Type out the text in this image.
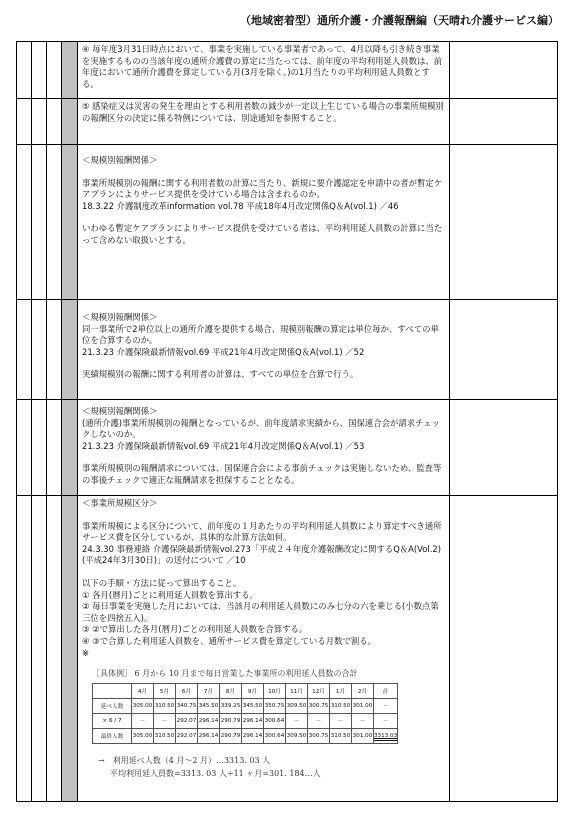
（地域密着型）通所介護・介護報酬編（天晴れ介護サービス編）

④ 毎年度3月31日時点において、事業を実施している事業者であって、4月以降も引き続き事業を実施するものの当該年度の通所介護費の算定に当たっては、前年度の平均利用延人員数は、前年度において通所介護費を算定している月(3月を除く。)の1月当たりの平均利用延人員数とする。

⑤ 感染症又は災害の発生を理由とする利用者数の減少が一定以上生じている場合の事業所規模別の報酬区分の決定に係る特例については、別途通知を参照すること。

＜規模別報酬関係＞

事業所規模別の報酬に関する利用者数の計算に当たり、新規に要介護認定を申請中の者が暫定ケアプランによりサービス提供を受けている場合は含まれるのか。

18.3.22 介護制度改革information vol.78 平成18年4月改定関係Q＆A(vol.1) ／46

いわゆる暫定ケアプランによりサービス提供を受けている者は、平均利用延人員数の計算に当たって含めない取扱いとする。

＜規模別報酬関係＞

同一事業所で2単位以上の通所介護を提供する場合、規模別報酬の算定は単位毎か、すべての単位を合算するのか。

21.3.23 介護保険最新情報vol.69 平成21年4月改定関係Q＆A(vol.1) ／52

実績規模別の報酬に関する利用者の計算は、すべての単位を合算で行う。

＜規模別報酬関係＞

(通所介護)事業所規模別の報酬となっているが、前年度請求実績から、国保連合会が請求チェックしないのか。

21.3.23 介護保険最新情報vol.69 平成21年4月改定関係Q＆A(vol.1) ／53

事業所規模別の報酬請求については、国保連合会による事前チェックは実施しないため、監査等の事後チェックで適正な報酬請求を担保することとなる。

＜事業所規模区分＞

事業所規模による区分について、前年度の１月あたりの平均利用延人員数により算定すべき通所サービス費を区分しているが、具体的な計算方法如何。

24.3.30 事務連絡 介護保険最新情報vol.273「平成２４年度介護報酬改定に関するQ＆A(Vol.2)(平成24年3月30日)」の送付について ／10

以下の手順・方法に従って算出すること。

① 各月(暦月)ごとに利用延人員数を算出する。

② 毎日事業を実施した月においては、当該月の利用延人員数にのみ七分の六を乗じる(小数点第三位を四捨五入)。

③ ②で算出した各月(暦月)ごとの利用延人員数を合算する。

④ ③で合算した利用延人員数を、通所サービス費を算定している月数で割る。

※

［具体例］ 6 月から 10 月まで毎日営業した事業所の利用延人員数の合計
	4月	5月	6月	7月	8月	9月	10月	11月	12月	1月	2月	計
延べ人数	305.00	310.50	340.75	345.50	339.25	345.50	350.75	309.50	300.75	310.50	301.00	－
× 6 / 7	－	－	292.07	296.14	290.79	296.14	300.64	－	－	－	－	－
最終人数	305.00	310.50	292.07	296.14	290.79	296.14	300.64	309.50	300.75	310.50	301.00	3313.03
→　利用延べ人数（4 月～2 月）…3313. 03 人
平均利用延人員数=3313. 03 人÷11 ヶ月=301. 184…人
